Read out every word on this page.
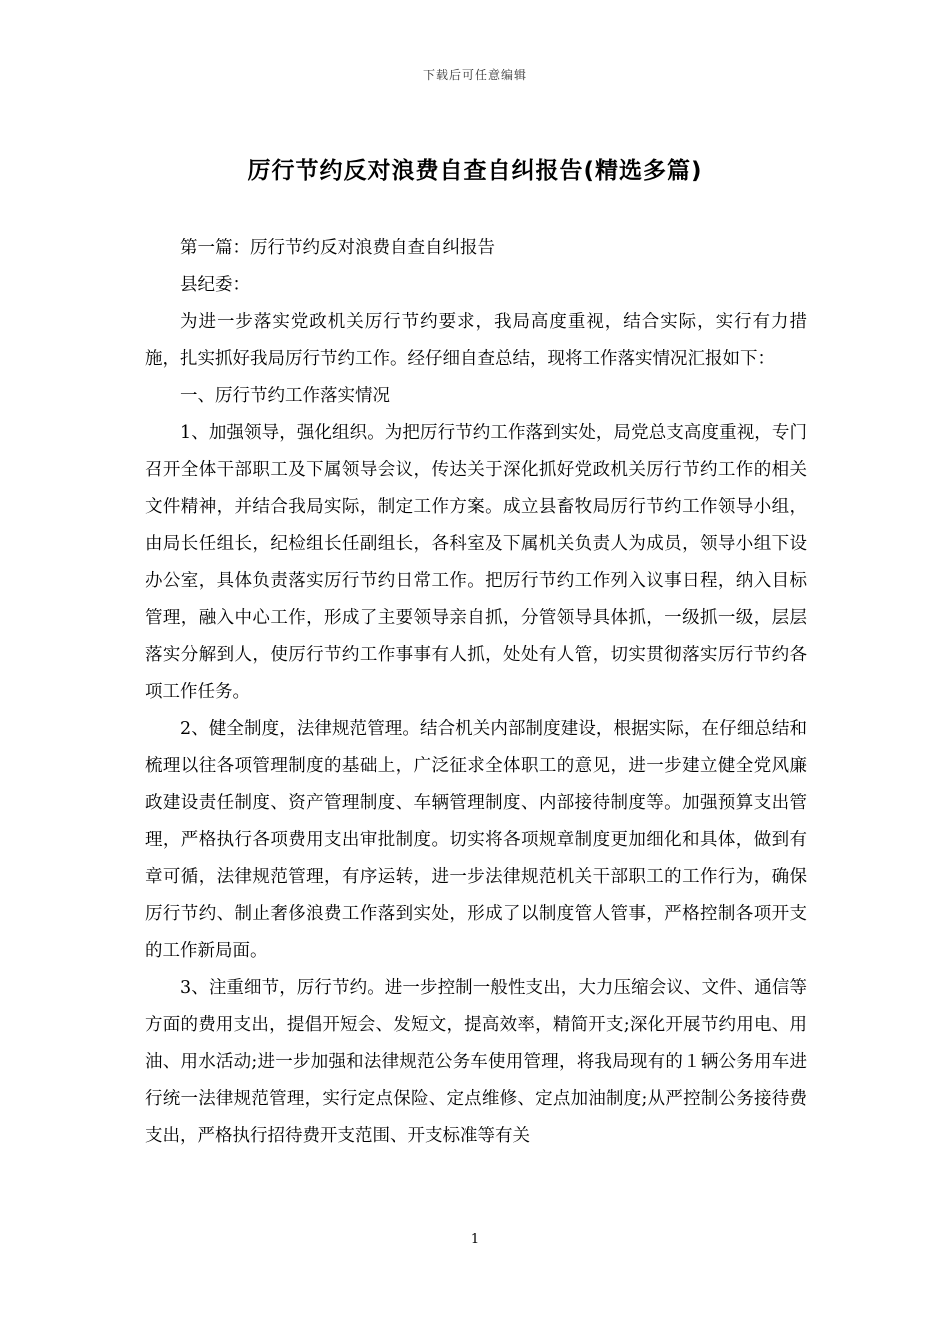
下载后可任意编辑
厉行节约反对浪费自查自纠报告(精选多篇)

第一篇：厉行节约反对浪费自查自纠报告

县纪委：

为进一步落实党政机关厉行节约要求，我局高度重视，结合实际，实行有力措施，扎实抓好我局厉行节约工作。经仔细自查总结，现将工作落实情况汇报如下：

一、厉行节约工作落实情况

1、加强领导，强化组织。为把厉行节约工作落到实处，局党总支高度重视，专门召开全体干部职工及下属领导会议，传达关于深化抓好党政机关厉行节约工作的相关文件精神，并结合我局实际，制定工作方案。成立县畜牧局厉行节约工作领导小组，由局长任组长，纪检组长任副组长，各科室及下属机关负责人为成员，领导小组下设办公室，具体负责落实厉行节约日常工作。把厉行节约工作列入议事日程，纳入目标管理，融入中心工作，形成了主要领导亲自抓，分管领导具体抓，一级抓一级，层层落实分解到人，使厉行节约工作事事有人抓，处处有人管，切实贯彻落实厉行节约各项工作任务。

2、健全制度，法律规范管理。结合机关内部制度建设，根据实际，在仔细总结和梳理以往各项管理制度的基础上，广泛征求全体职工的意见，进一步建立健全党风廉政建设责任制度、资产管理制度、车辆管理制度、内部接待制度等。加强预算支出管理，严格执行各项费用支出审批制度。切实将各项规章制度更加细化和具体，做到有章可循，法律规范管理，有序运转，进一步法律规范机关干部职工的工作行为，确保厉行节约、制止奢侈浪费工作落到实处，形成了以制度管人管事，严格控制各项开支的工作新局面。

3、注重细节，厉行节约。进一步控制一般性支出，大力压缩会议、文件、通信等方面的费用支出，提倡开短会、发短文，提高效率，精简开支;深化开展节约用电、用油、用水活动;进一步加强和法律规范公务车使用管理，将我局现有的１辆公务用车进行统一法律规范管理，实行定点保险、定点维修、定点加油制度;从严控制公务接待费支出，严格执行招待费开支范围、开支标准等有关

1
